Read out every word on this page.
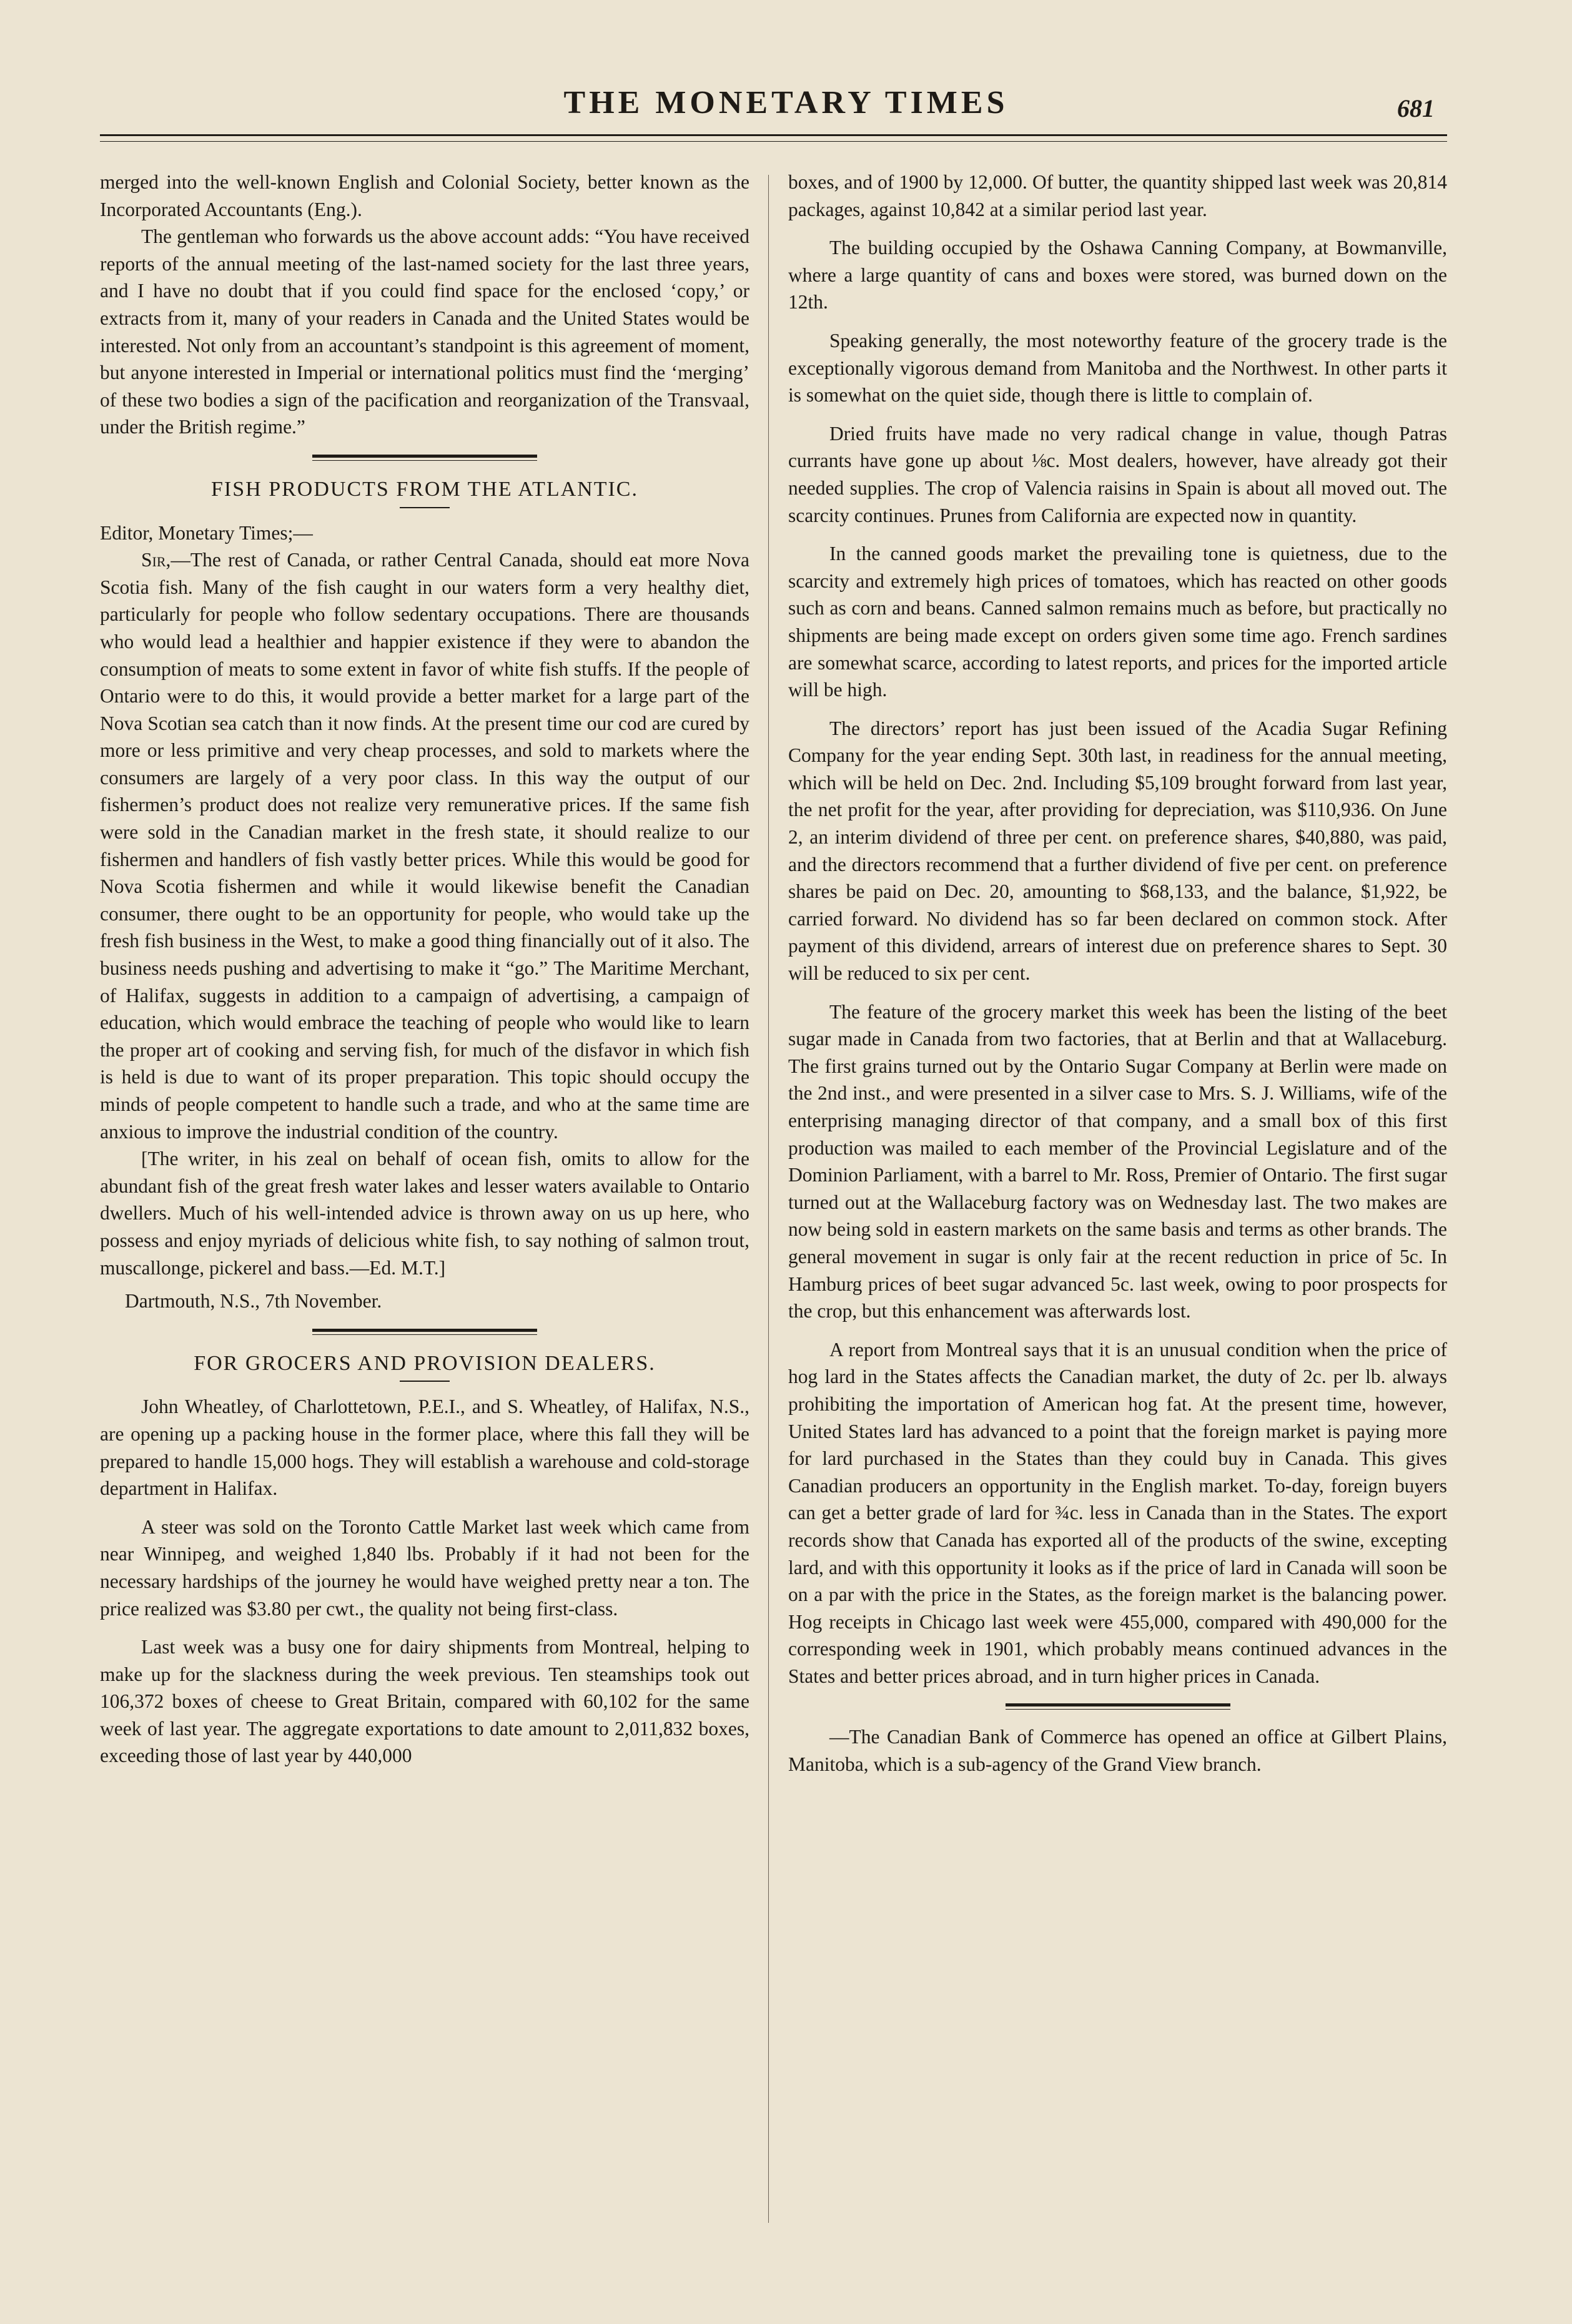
THE MONETARY TIMES	681

merged into the well-known English and Colonial Society, better known as the Incorporated Accountants (Eng.).

The gentleman who forwards us the above account adds: “You have received reports of the annual meeting of the last-named society for the last three years, and I have no doubt that if you could find space for the enclosed ‘copy,’ or extracts from it, many of your readers in Canada and the United States would be interested. Not only from an accountant’s standpoint is this agreement of moment, but anyone interested in Imperial or international politics must find the ‘merging’ of these two bodies a sign of the pacification and reorganization of the Transvaal, under the British regime.”

FISH PRODUCTS FROM THE ATLANTIC.

Editor, Monetary Times;—

Sir,—The rest of Canada, or rather Central Canada, should eat more Nova Scotia fish. Many of the fish caught in our waters form a very healthy diet, particularly for people who follow sedentary occupations. There are thousands who would lead a healthier and happier existence if they were to abandon the consumption of meats to some extent in favor of white fish stuffs. If the people of Ontario were to do this, it would provide a better market for a large part of the Nova Scotian sea catch than it now finds. At the present time our cod are cured by more or less primitive and very cheap processes, and sold to markets where the consumers are largely of a very poor class. In this way the output of our fishermen’s product does not realize very remunerative prices. If the same fish were sold in the Canadian market in the fresh state, it should realize to our fishermen and handlers of fish vastly better prices. While this would be good for Nova Scotia fishermen and while it would likewise benefit the Canadian consumer, there ought to be an opportunity for people, who would take up the fresh fish business in the West, to make a good thing financially out of it also. The business needs pushing and advertising to make it “go.” The Maritime Merchant, of Halifax, suggests in addition to a campaign of advertising, a campaign of education, which would embrace the teaching of people who would like to learn the proper art of cooking and serving fish, for much of the disfavor in which fish is held is due to want of its proper preparation. This topic should occupy the minds of people competent to handle such a trade, and who at the same time are anxious to improve the industrial condition of the country.

[The writer, in his zeal on behalf of ocean fish, omits to allow for the abundant fish of the great fresh water lakes and lesser waters available to Ontario dwellers. Much of his well-intended advice is thrown away on us up here, who possess and enjoy myriads of delicious white fish, to say nothing of salmon trout, muscallonge, pickerel and bass.—Ed. M.T.]

Dartmouth, N.S., 7th November.

FOR GROCERS AND PROVISION DEALERS.

John Wheatley, of Charlottetown, P.E.I., and S. Wheatley, of Halifax, N.S., are opening up a packing house in the former place, where this fall they will be prepared to handle 15,000 hogs. They will establish a warehouse and cold-storage department in Halifax.

A steer was sold on the Toronto Cattle Market last week which came from near Winnipeg, and weighed 1,840 lbs. Probably if it had not been for the necessary hardships of the journey he would have weighed pretty near a ton. The price realized was $3.80 per cwt., the quality not being first-class.

Last week was a busy one for dairy shipments from Montreal, helping to make up for the slackness during the week previous. Ten steamships took out 106,372 boxes of cheese to Great Britain, compared with 60,102 for the same week of last year. The aggregate exportations to date amount to 2,011,832 boxes, exceeding those of last year by 440,000

boxes, and of 1900 by 12,000. Of butter, the quantity shipped last week was 20,814 packages, against 10,842 at a similar period last year.

The building occupied by the Oshawa Canning Company, at Bowmanville, where a large quantity of cans and boxes were stored, was burned down on the 12th.

Speaking generally, the most noteworthy feature of the grocery trade is the exceptionally vigorous demand from Manitoba and the Northwest. In other parts it is somewhat on the quiet side, though there is little to complain of.

Dried fruits have made no very radical change in value, though Patras currants have gone up about ⅛c. Most dealers, however, have already got their needed supplies. The crop of Valencia raisins in Spain is about all moved out. The scarcity continues. Prunes from California are expected now in quantity.

In the canned goods market the prevailing tone is quietness, due to the scarcity and extremely high prices of tomatoes, which has reacted on other goods such as corn and beans. Canned salmon remains much as before, but practically no shipments are being made except on orders given some time ago. French sardines are somewhat scarce, according to latest reports, and prices for the imported article will be high.

The directors’ report has just been issued of the Acadia Sugar Refining Company for the year ending Sept. 30th last, in readiness for the annual meeting, which will be held on Dec. 2nd. Including $5,109 brought forward from last year, the net profit for the year, after providing for depreciation, was $110,936. On June 2, an interim dividend of three per cent. on preference shares, $40,880, was paid, and the directors recommend that a further dividend of five per cent. on preference shares be paid on Dec. 20, amounting to $68,133, and the balance, $1,922, be carried forward. No dividend has so far been declared on common stock. After payment of this dividend, arrears of interest due on preference shares to Sept. 30 will be reduced to six per cent.

The feature of the grocery market this week has been the listing of the beet sugar made in Canada from two factories, that at Berlin and that at Wallaceburg. The first grains turned out by the Ontario Sugar Company at Berlin were made on the 2nd inst., and were presented in a silver case to Mrs. S. J. Williams, wife of the enterprising managing director of that company, and a small box of this first production was mailed to each member of the Provincial Legislature and of the Dominion Parliament, with a barrel to Mr. Ross, Premier of Ontario. The first sugar turned out at the Wallaceburg factory was on Wednesday last. The two makes are now being sold in eastern markets on the same basis and terms as other brands. The general movement in sugar is only fair at the recent reduction in price of 5c. In Hamburg prices of beet sugar advanced 5c. last week, owing to poor prospects for the crop, but this enhancement was afterwards lost.

A report from Montreal says that it is an unusual condition when the price of hog lard in the States affects the Canadian market, the duty of 2c. per lb. always prohibiting the importation of American hog fat. At the present time, however, United States lard has advanced to a point that the foreign market is paying more for lard purchased in the States than they could buy in Canada. This gives Canadian producers an opportunity in the English market. To-day, foreign buyers can get a better grade of lard for ¾c. less in Canada than in the States. The export records show that Canada has exported all of the products of the swine, excepting lard, and with this opportunity it looks as if the price of lard in Canada will soon be on a par with the price in the States, as the foreign market is the balancing power. Hog receipts in Chicago last week were 455,000, compared with 490,000 for the corresponding week in 1901, which probably means continued advances in the States and better prices abroad, and in turn higher prices in Canada.

—The Canadian Bank of Commerce has opened an office at Gilbert Plains, Manitoba, which is a sub-agency of the Grand View branch.
